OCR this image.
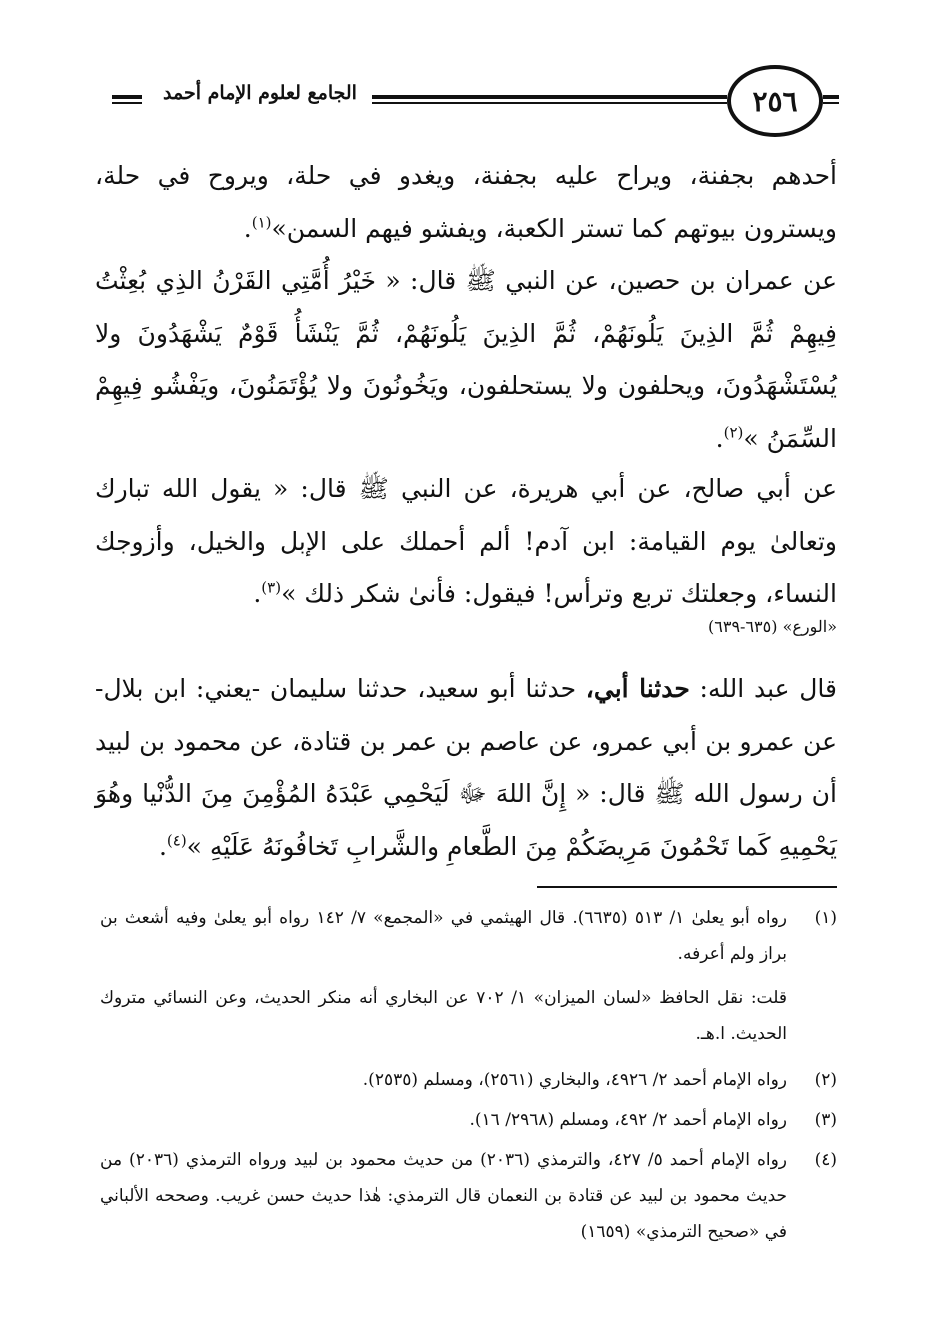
الجامع لعلوم الإمام أحمد	٢٥٦
أحدهم بجفنة، ويراح عليه بجفنة، ويغدو في حلة، ويروح في حلة، ويسترون بيوتهم كما تستر الكعبة، ويفشو فيهم السمن»$^{(١)}$.
عن عمران بن حصين، عن النبي ﷺ قال: « خَيْرُ أُمَّتِي القَرْنُ الذِي بُعِثْتُ فِيهِمْ ثُمَّ الذِينَ يَلُونَهُمْ، ثُمَّ الذِينَ يَلُونَهُمْ، ثُمَّ يَنْشَأُ قَوْمٌ يَشْهَدُونَ ولا يُسْتَشْهَدُونَ، ويحلفون ولا يستحلفون، ويَخُونُونَ ولا يُؤْتَمَنُونَ، ويَفْشُو فِيهِمْ السِّمَنُ »$^{(٢)}$.
عن أبي صالح، عن أبي هريرة، عن النبي ﷺ قال: « يقول الله تبارك وتعالىٰ يوم القيامة: ابن آدم! ألم أحملك على الإبل والخيل، وأزوجك النساء، وجعلتك تربع وترأس! فيقول: فأنىٰ شكر ذلك »$^{(٣)}$.
«الورع» (٦٣٥-٦٣٩)
قال عبد الله: حدثنا أبي، حدثنا أبو سعيد، حدثنا سليمان -يعني: ابن بلال- عن عمرو بن أبي عمرو، عن عاصم بن عمر بن قتادة، عن محمود بن لبيد أن رسول الله ﷺ قال: « إِنَّ اللهَ ﷻ لَيَحْمِي عَبْدَهُ المُؤْمِنَ مِنَ الدُّنْيا وهُوَ يَحْمِيهِ كَما تَحْمُونَ مَرِيضَكُمْ مِنَ الطَّعامِ والشَّرابِ تَخافُونَهُ عَلَيْهِ »$^{(٤)}$.
(١)
رواه أبو يعلىٰ ١/ ٥١٣ (٦٦٣٥). قال الهيثمي في «المجمع» ٧/ ١٤٢ رواه أبو يعلىٰ وفيه أشعث بن براز ولم أعرفه.
قلت: نقل الحافظ «لسان الميزان» ١/ ٧٠٢ عن البخاري أنه منكر الحديث، وعن النسائي متروك الحديث. ا.هـ.
(٢)
رواه الإمام أحمد ٢/ ٤٩٢٦، والبخاري (٢٥٦١)، ومسلم (٢٥٣٥).
(٣)
رواه الإمام أحمد ٢/ ٤٩٢، ومسلم (٢٩٦٨/ ١٦).
(٤)
رواه الإمام أحمد ٥/ ٤٢٧، والترمذي (٢٠٣٦) من حديث محمود بن لبيد ورواه الترمذي (٢٠٣٦) من حديث محمود بن لبيد عن قتادة بن النعمان قال الترمذي: هٰذا حديث حسن غريب. وصححه الألباني في «صحيح الترمذي» (١٦٥٩)
